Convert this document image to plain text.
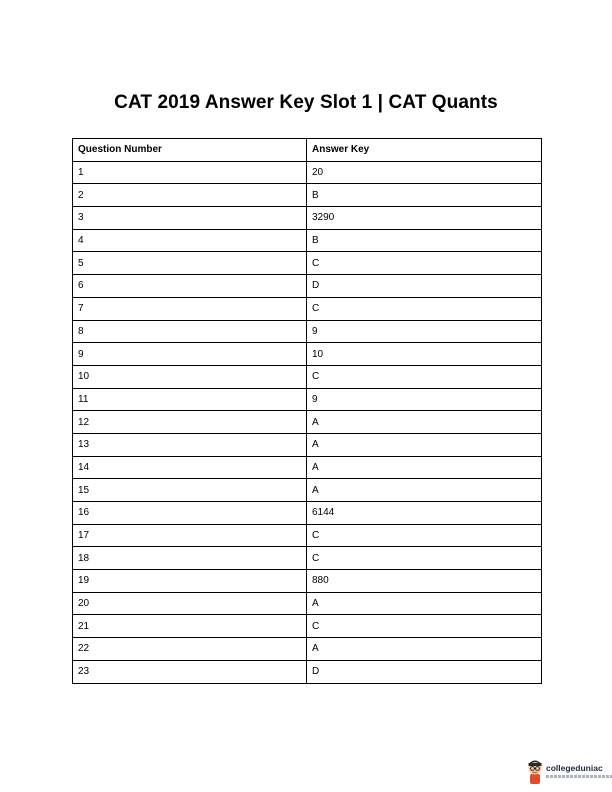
CAT 2019 Answer Key Slot 1 | CAT Quants
Question Number	Answer Key
1	20
2	B
3	3290
4	B
5	C
6	D
7	C
8	9
9	10
10	C
11	9
12	A
13	A
14	A
15	A
16	6144
17	C
18	C
19	880
20	A
21	C
22	A
23	D
collegeduniac
